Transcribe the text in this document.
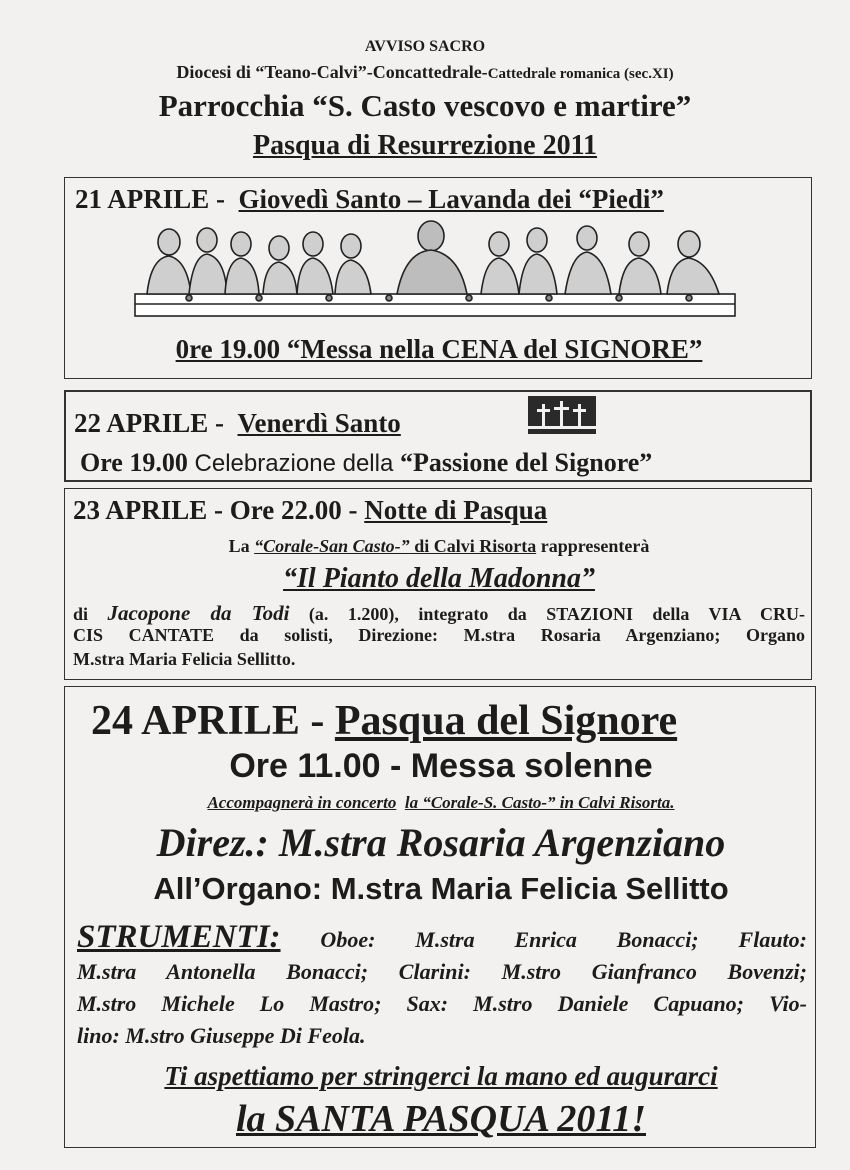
AVVISO SACRO
Diocesi di “Teano-Calvi”-Concattedrale-Cattedrale romanica (sec.XI)
Parrocchia “S. Casto vescovo e martire”
Pasqua di Resurrezione 2011
21 APRILE - Giovedì Santo – Lavanda dei “Piedi”
0re 19.00 “Messa nella CENA del SIGNORE”
22 APRILE - Venerdì Santo
Ore 19.00 Celebrazione della “Passione del Signore”
23 APRILE - Ore 22.00 - Notte di Pasqua
La “Corale-San Casto-” di Calvi Risorta rappresenterà
“Il Pianto della Madonna”
di Jacopone da Todi (a. 1.200), integrato da STAZIONI della VIA CRU-
CIS CANTATE da solisti, Direzione: M.stra Rosaria Argenziano; Organo
M.stra Maria Felicia Sellitto.
24 APRILE - Pasqua del Signore
Ore 11.00 - Messa solenne
Accompagnerà in concerto la “Corale-S. Casto-” in Calvi Risorta.
Direz.: M.stra Rosaria Argenziano
All’Organo: M.stra Maria Felicia Sellitto
STRUMENTI: Oboe: M.stra Enrica Bonacci; Flauto:
M.stra Antonella Bonacci; Clarini: M.stro Gianfranco Bovenzi;
M.stro Michele Lo Mastro; Sax: M.stro Daniele Capuano; Vio-
lino: M.stro Giuseppe Di Feola.
Ti aspettiamo per stringerci la mano ed augurarci
la SANTA PASQUA 2011!
